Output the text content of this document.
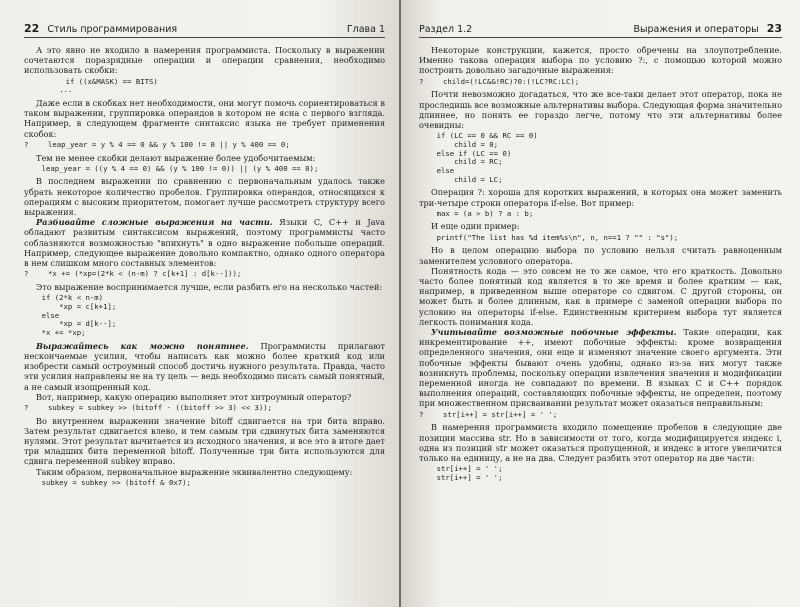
22 Стиль программирования	Глава 1

А это явно не входило в намерения программиста. Поскольку в выражении сочетаются поразрядные операции и операции сравнения, необходимо использовать скобки:

if ((x&MASK) == BITS)
...

Даже если в скобках нет необходимости, они могут помочь сориентироваться в таком выражении, группировка операндов в котором не ясна с первого взгляда. Например, в следующем фрагменте синтаксис языка не требует применения скобок:

?	leap_year = y % 4 == 0 && y % 100 != 0 || y % 400 == 0;

Тем не менее скобки делают выражение более удобочитаемым:

leap_year = ((y % 4 == 0) && (y % 100 != 0)) || (y % 400 == 0);

В последнем выражении по сравнению с первоначальным удалось также убрать некоторое количество пробелов. Группировка операндов, относящихся к операциям с высоким приоритетом, помогает лучше рассмотреть структуру всего выражения.

Разбивайте сложные выражения на части. Языки C, C++ и Java обладают развитым синтаксисом выражений, поэтому программисты часто соблазняются возможностью "впихнуть" в одно выражение побольше операций. Например, следующее выражение довольно компактно, однако одного оператора в нем слишком много составных элементов:

?	*x += (*xp=(2*k < (n-m) ? c[k+1] : d[k--]));

Это выражение воспринимается лучше, если разбить его на несколько частей:

if (2*k < n-m)
*xp = c[k+1];
else
*xp = d[k--];
*x += *xp;

Выражайтесь как можно понятнее. Программисты прилагают нескончаемые усилия, чтобы написать как можно более краткий код или изобрести самый остроумный способ достичь нужного результата. Правда, часто эти усилия направлены не на ту цель — ведь необходимо писать самый понятный, а не самый изощренный код.

Вот, например, какую операцию выполняет этот хитроумный оператор?

?	subkey = subkey >> (bitoff - ((bitoff >> 3) << 3));

Во внутреннем выражении значение bitoff сдвигается на три бита вправо. Затем результат сдвигается влево, и тем самым три сдвинутых бита заменяются нулями. Этот результат вычитается из исходного значения, и все это в итоге дает три младших бита переменной bitoff. Полученные три бита используются для сдвига переменной subkey вправо.

Таким образом, первоначальное выражение эквивалентно следующему:

subkey = subkey >> (bitoff & 0x7);
Раздел 1.2	Выражения и операторы 23

Некоторые конструкции, кажется, просто обречены на злоупотребление. Именно такова операция выбора по условию ?:, с помощью которой можно построить довольно загадочные выражения:

?	child=(!LC&&!RC)?0:(!LC?RC:LC);

Почти невозможно догадаться, что же все-таки делает этот оператор, пока не проследишь все возможные альтернативы выбора. Следующая форма значительно длиннее, но понять ее гораздо легче, потому что эти альтернативы более очевидны:

if (LC == 0 && RC == 0)
child = 0;
else if (LC == 0)
child = RC;
else
child = LC;

Операция ?: хороша для коротких выражений, в которых она может заменить три-четыре строки оператора if-else. Вот пример:

max = (a > b) ? a : b;

И еще один пример:

printf("The list has %d item%s\n", n, n==1 ? "" : "s");

Но в целом операцию выбора по условию нельзя считать равноценным заменителем условного оператора.

Понятность кода — это совсем не то же самое, что его краткость. Довольно часто более понятный код является в то же время и более кратким — как, например, в приведенном выше операторе со сдвигом. С другой стороны, он может быть и более длинным, как в примере с заменой операции выбора по условию на операторы if-else. Единственным критерием выбора тут является легкость понимания кода.

Учитывайте возможные побочные эффекты. Такие операции, как инкрементирование ++, имеют побочные эффекты: кроме возвращения определенного значения, они еще и изменяют значение своего аргумента. Эти побочные эффекты бывают очень удобны, однако из-за них могут также возникнуть проблемы, поскольку операции извлечения значения и модификации переменной иногда не совпадают по времени. В языках C и C++ порядок выполнения операций, составляющих побочные эффекты, не определен, поэтому при множественном присваивании результат может оказаться неправильным:

?	str[i++] = str[i++] = ' ';

В намерения программиста входило помещение пробелов в следующие две позиции массива str. Но в зависимости от того, когда модифицируется индекс i, одна из позиций str может оказаться пропущенной, и индекс в итоге увеличится только на единицу, а не на два. Следует разбить этот оператор на две части:

str[i++] = ' ';
str[i++] = ' ';
